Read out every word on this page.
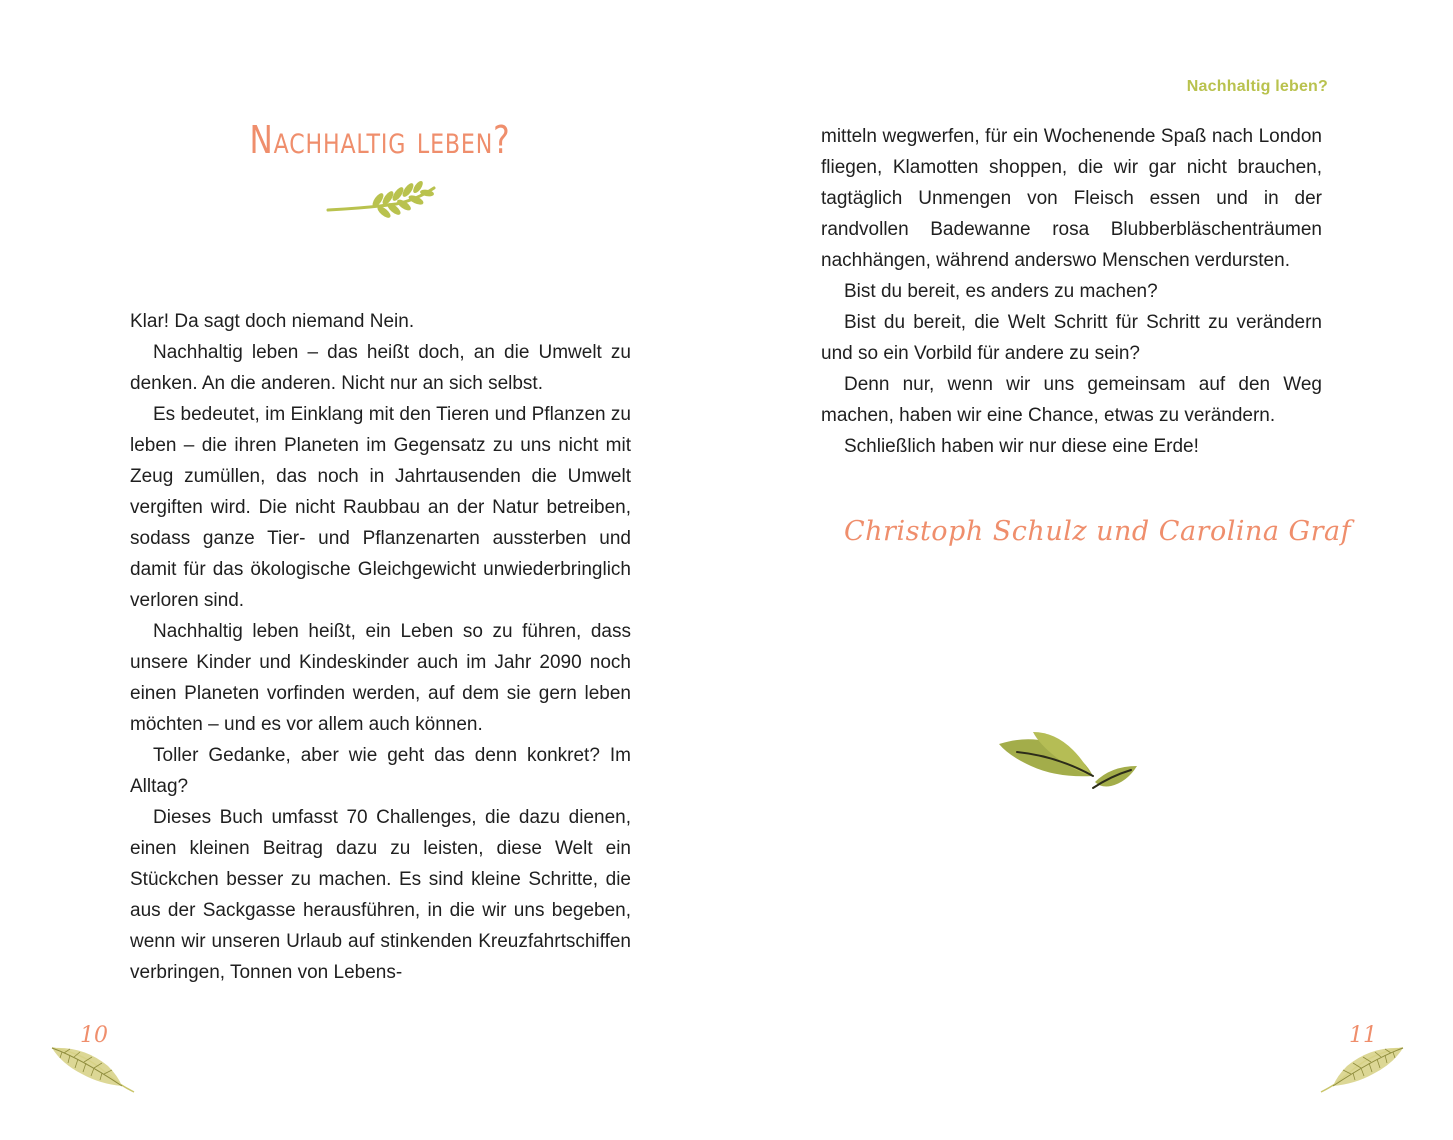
Nachhaltig leben?

Klar! Da sagt doch niemand Nein.

Nachhaltig leben – das heißt doch, an die Umwelt zu denken. An die anderen. Nicht nur an sich selbst.

Es bedeutet, im Einklang mit den Tieren und Pflanzen zu leben – die ihren Planeten im Gegensatz zu uns nicht mit Zeug zumüllen, das noch in Jahrtausenden die Umwelt vergiften wird. Die nicht Raubbau an der Natur betreiben, sodass ganze Tier- und Pflanzenarten aussterben und damit für das ökologische Gleichgewicht unwiederbringlich verloren sind.

Nachhaltig leben heißt, ein Leben so zu führen, dass unsere Kinder und Kindeskinder auch im Jahr 2090 noch einen Planeten vorfinden werden, auf dem sie gern leben möchten – und es vor allem auch können.

Toller Gedanke, aber wie geht das denn konkret? Im Alltag?

Dieses Buch umfasst 70 Challenges, die dazu dienen, einen kleinen Beitrag dazu zu leisten, diese Welt ein Stückchen besser zu machen. Es sind kleine Schritte, die aus der Sackgasse herausführen, in die wir uns begeben, wenn wir unseren Urlaub auf stinkenden Kreuzfahrtschiffen verbringen, Tonnen von Lebens-

10
Nachhaltig leben?

mitteln wegwerfen, für ein Wochenende Spaß nach London fliegen, Klamotten shoppen, die wir gar nicht brauchen, tagtäglich Unmengen von Fleisch essen und in der randvollen Badewanne rosa Blubberbläschenträumen nachhängen, während anderswo Menschen verdursten.

Bist du bereit, es anders zu machen?

Bist du bereit, die Welt Schritt für Schritt zu verändern und so ein Vorbild für andere zu sein?

Denn nur, wenn wir uns gemeinsam auf den Weg machen, haben wir eine Chance, etwas zu verändern.

Schließlich haben wir nur diese eine Erde!

Christoph Schulz und Carolina Graf
11
